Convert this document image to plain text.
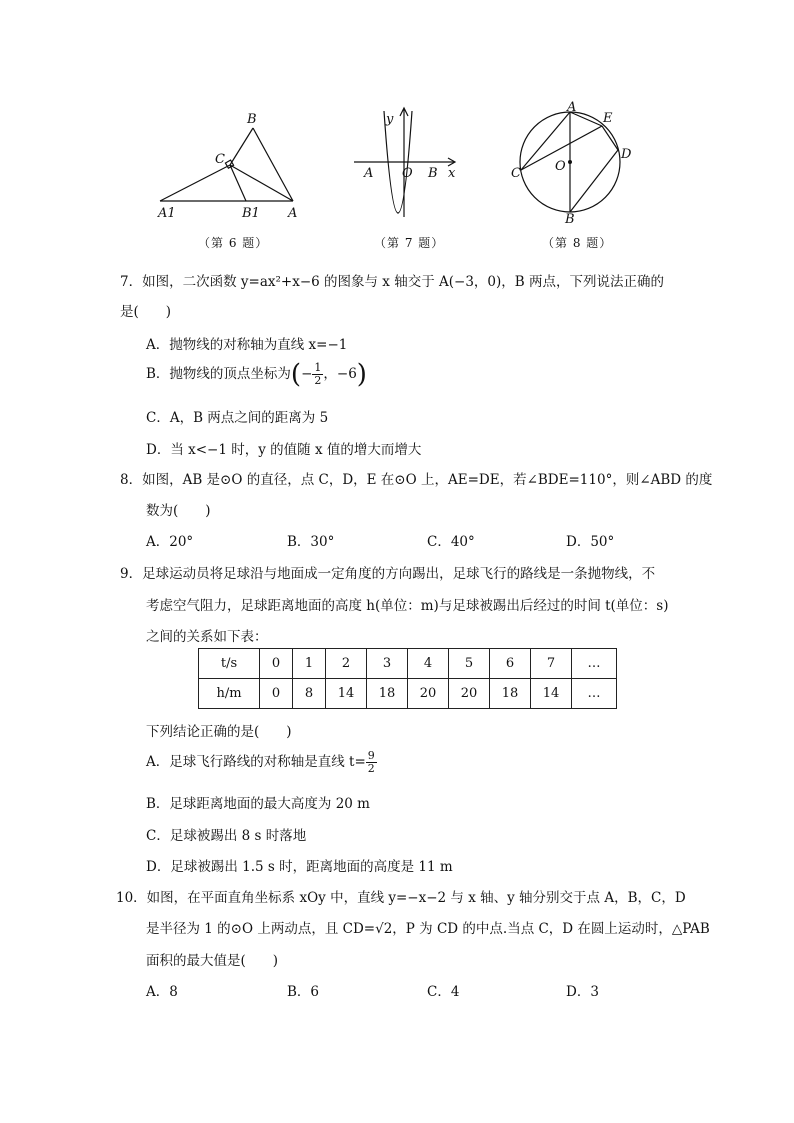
B
C
A1	B1 A
（第 6 题）
y
A O B x
（第 7 题）
A
E
D
O
C
B
（第 8 题）
7．如图，二次函数 y=ax²+x−6 的图象与 x 轴交于 A(−3，0)，B 两点，下列说法正确的
是(　　)
A．抛物线的对称轴为直线 x=−1
B．抛物线的顶点坐标为(− $\frac{1}{2}$ ，−6)
C．A，B 两点之间的距离为 5
D．当 x<−1 时，y 的值随 x 值的增大而增大
8．如图，AB 是⊙O 的直径，点 C，D，E 在⊙O 上，AE=DE，若∠BDE=110°，则∠ABD 的度
数为(　　)
A．20°	B．30°	C．40°	D．50°
9．足球运动员将足球沿与地面成一定角度的方向踢出，足球飞行的路线是一条抛物线，不
考虑空气阻力，足球距离地面的高度 h(单位：m)与足球被踢出后经过的时间 t(单位：s)
之间的关系如下表：
t/s	0	1	2	3	4	5	6	7	…
h/m	0	8	14	18	20	20	18	14	…
下列结论正确的是(　　)
A．足球飞行路线的对称轴是直线 $t= \frac{9}{2}$
B．足球距离地面的最大高度为 20 m
C．足球被踢出 8 s 时落地
D．足球被踢出 1.5 s 时，距离地面的高度是 11 m
10．如图，在平面直角坐标系 xOy 中，直线 y=−x−2 与 x 轴、y 轴分别交于点 A，B，C，D
是半径为 1 的⊙O 上两动点，且 CD=√2，P 为 CD 的中点.当点 C，D 在圆上运动时，△PAB
面积的最大值是(　　)
A．8	B．6	C．4	D．3
